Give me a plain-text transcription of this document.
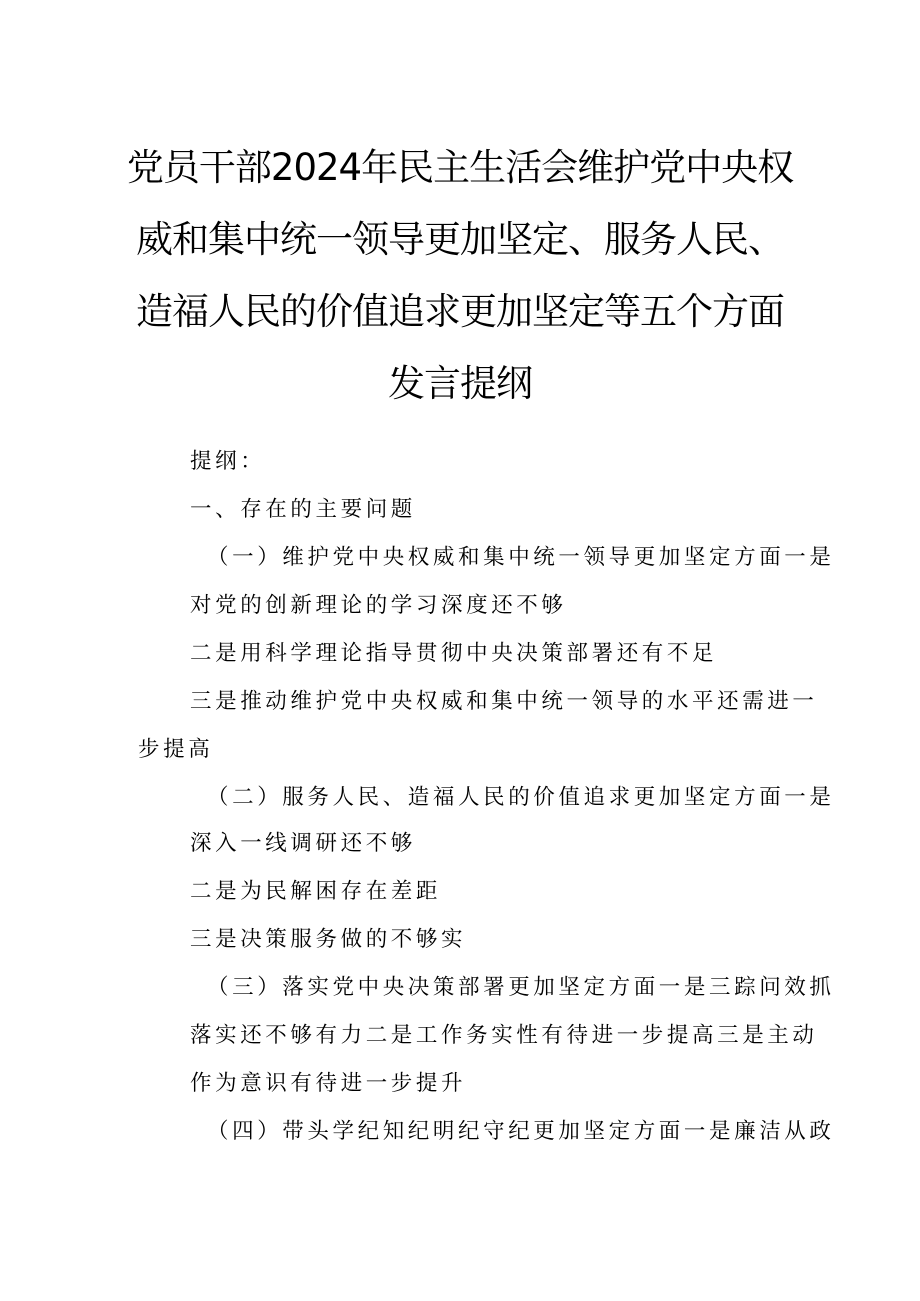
党员干部2024年民主生活会维护党中央权威和集中统一领导更加坚定、服务人民、造福人民的价值追求更加坚定等五个方面发言提纲

提纲：

一、存在的主要问题

（一）维护党中央权威和集中统一领导更加坚定方面一是

对党的创新理论的学习深度还不够

二是用科学理论指导贯彻中央决策部署还有不足

三是推动维护党中央权威和集中统一领导的水平还需进一

步提高

（二）服务人民、造福人民的价值追求更加坚定方面一是

深入一线调研还不够

二是为民解困存在差距

三是决策服务做的不够实

（三）落实党中央决策部署更加坚定方面一是三踪问效抓

落实还不够有力二是工作务实性有待进一步提高三是主动

作为意识有待进一步提升

（四）带头学纪知纪明纪守纪更加坚定方面一是廉洁从政
